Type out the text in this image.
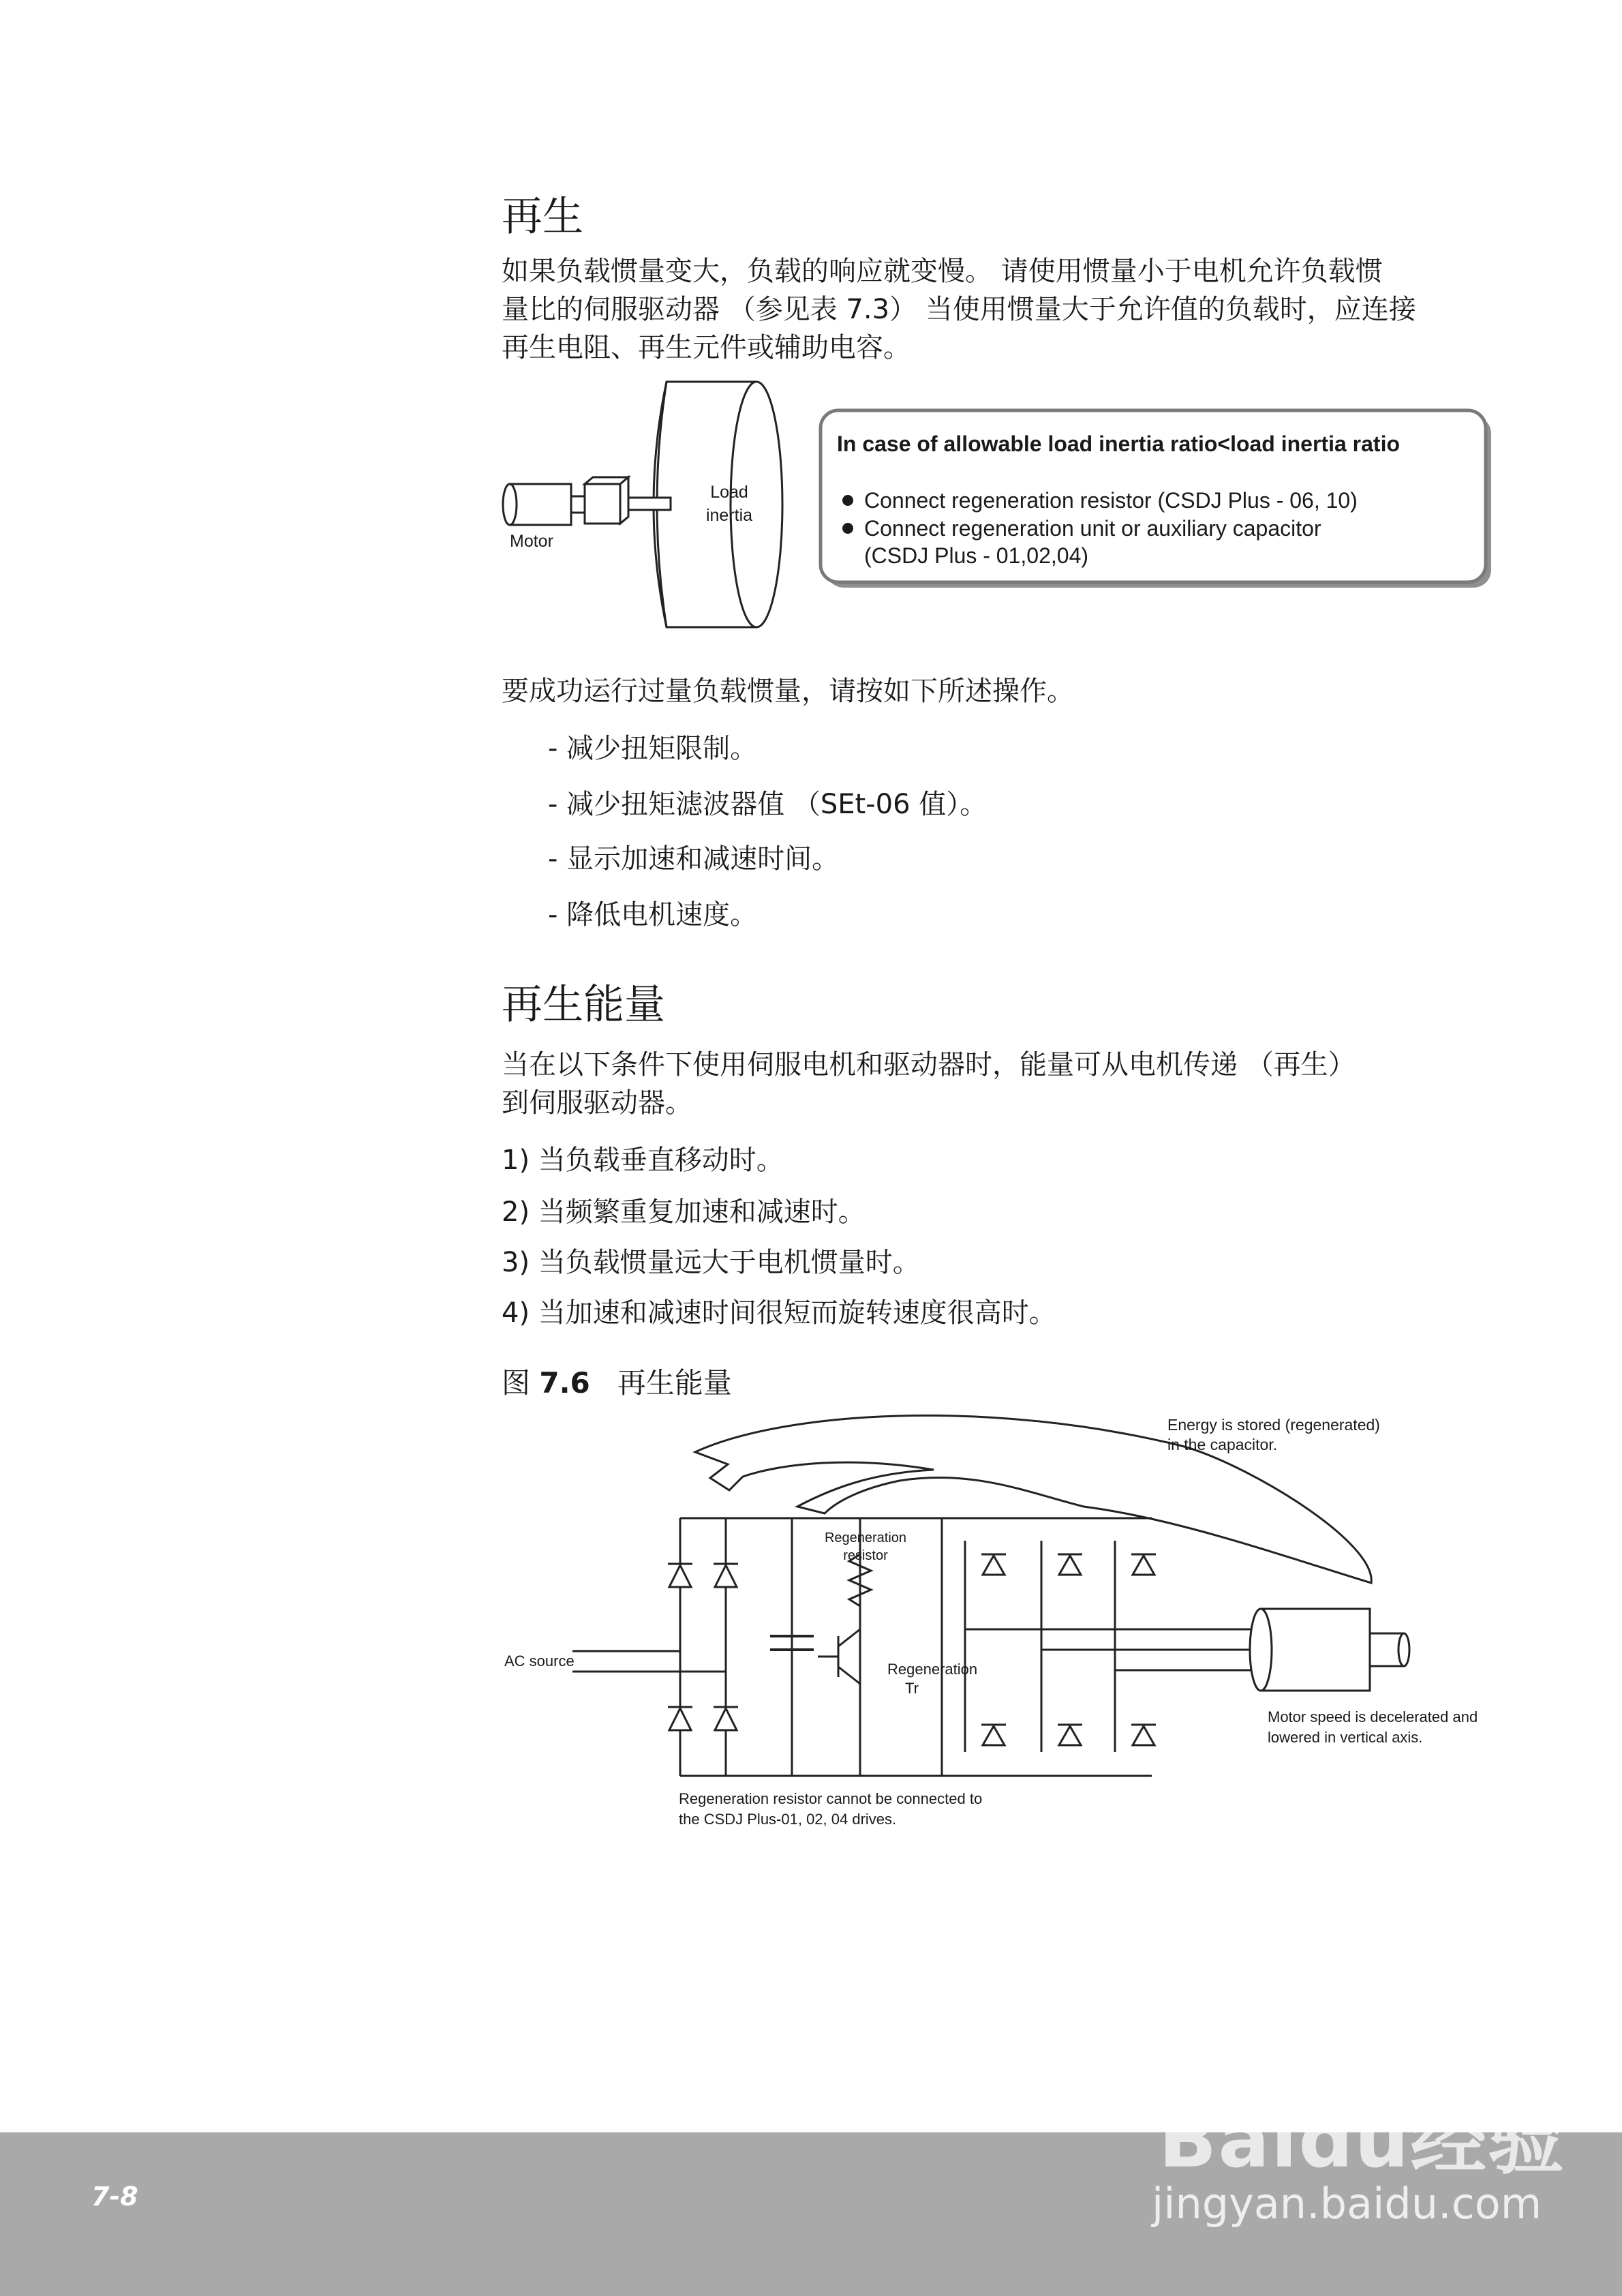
再生
如果负载惯量变大，负载的响应就变慢。 请使用惯量小于电机允许负载惯
量比的伺服驱动器 （参见表 7.3） 当使用惯量大于允许值的负载时，应连接
再生电阻、再生元件或辅助电容。
Motor
Load
inertia
In case of allowable load inertia ratio<load inertia ratio
Connect regeneration resistor (CSDJ Plus - 06, 10)
Connect regeneration unit or auxiliary capacitor
(CSDJ Plus - 01,02,04)
要成功运行过量负载惯量，请按如下所述操作。
- 减少扭矩限制。
- 减少扭矩滤波器值 （SEt-06 值）。
- 显示加速和减速时间。
- 降低电机速度。
再生能量
当在以下条件下使用伺服电机和驱动器时，能量可从电机传递 （再生）
到伺服驱动器。
1) 当负载垂直移动时。
2) 当频繁重复加速和减速时。
3) 当负载惯量远大于电机惯量时。
4) 当加速和减速时间很短而旋转速度很高时。
图 7.6 再生能量
Energy is stored (regenerated)
in the capacitor.
Regeneration
resistor
Regeneration
Tr
AC source
Motor speed is decelerated and
lowered in vertical axis.
Regeneration resistor cannot be connected to
the CSDJ Plus-01, 02, 04 drives.
7-8
Baidu经验
jingyan.baidu.com
